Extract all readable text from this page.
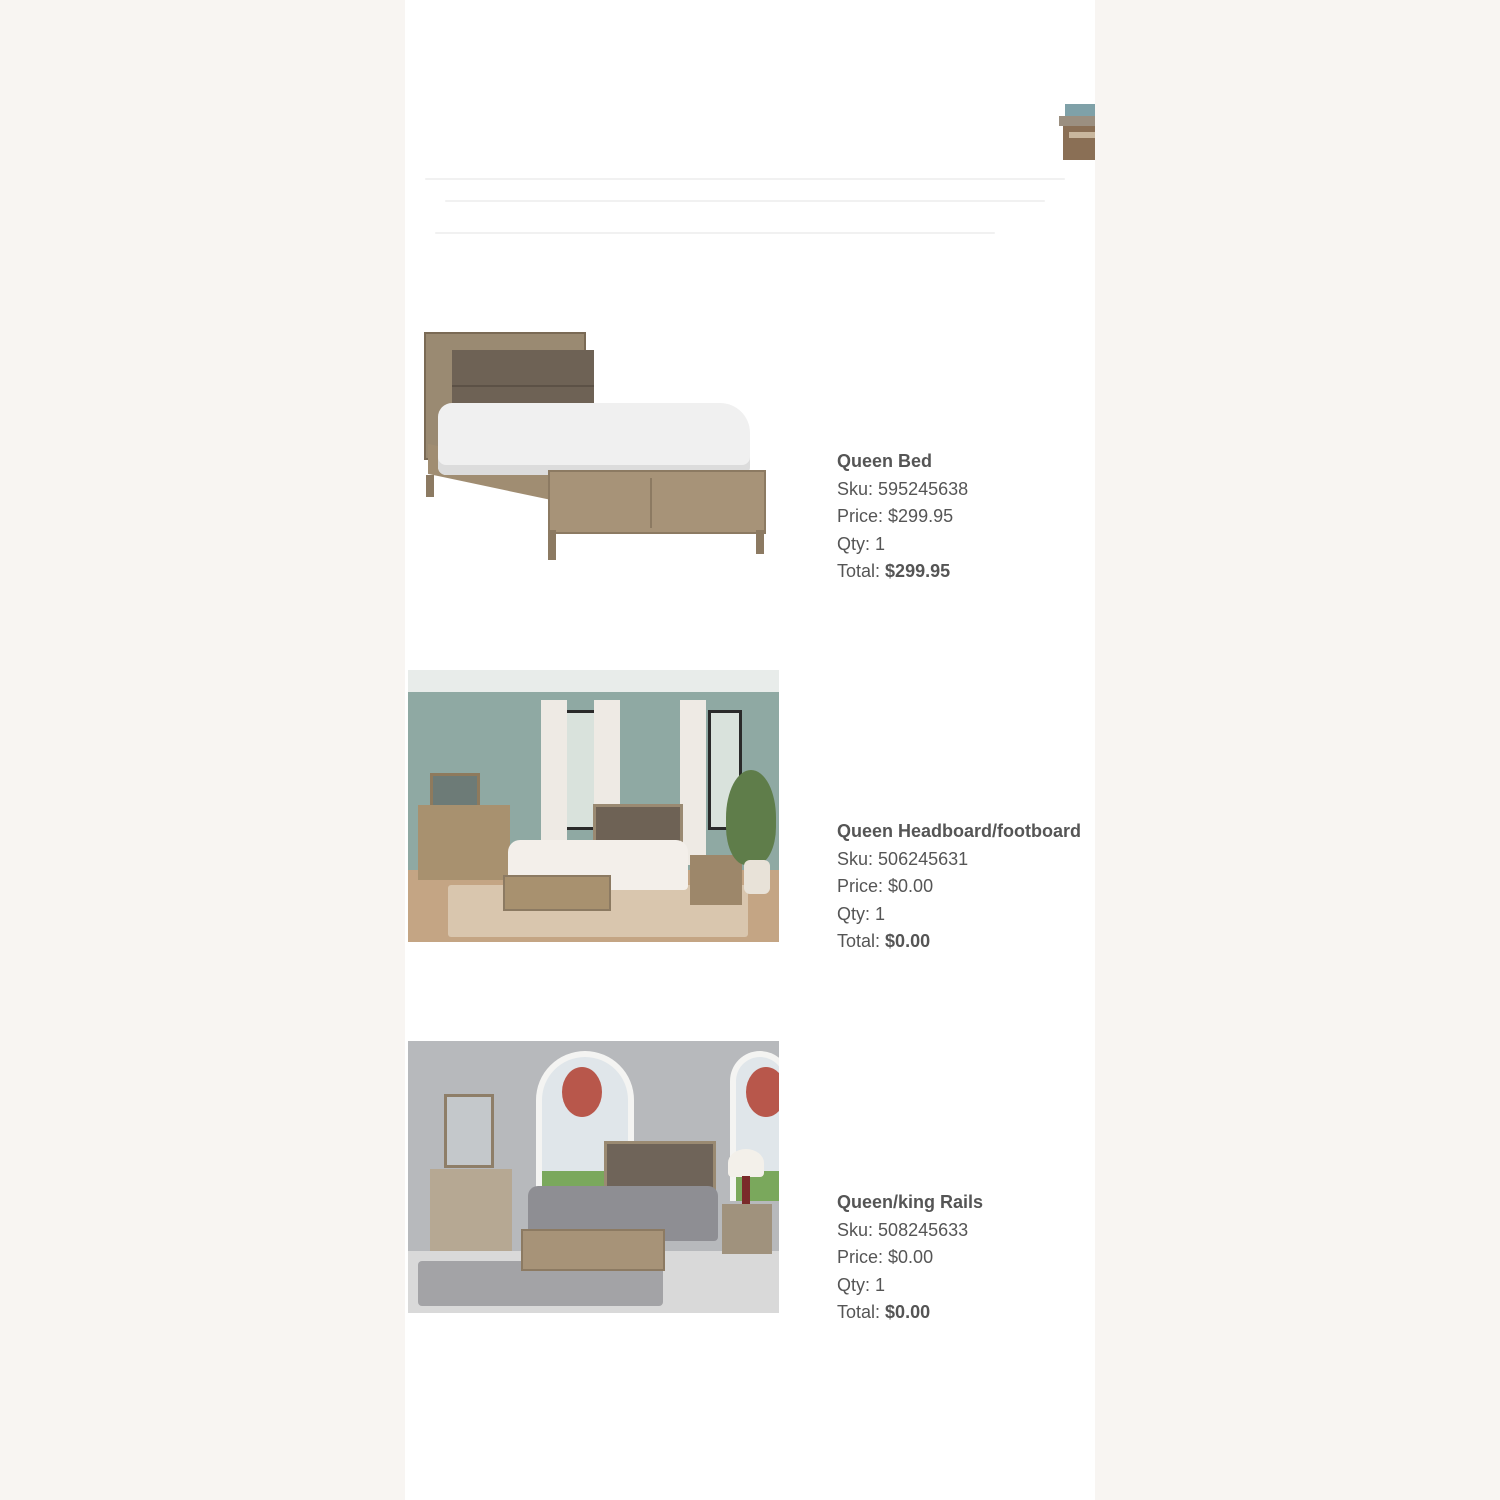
Queen Bed
Sku: 595245638
Price: $299.95
Qty: 1
Total: $299.95
Queen Headboard/footboard
Sku: 506245631
Price: $0.00
Qty: 1
Total: $0.00
Queen/king Rails
Sku: 508245633
Price: $0.00
Qty: 1
Total: $0.00
